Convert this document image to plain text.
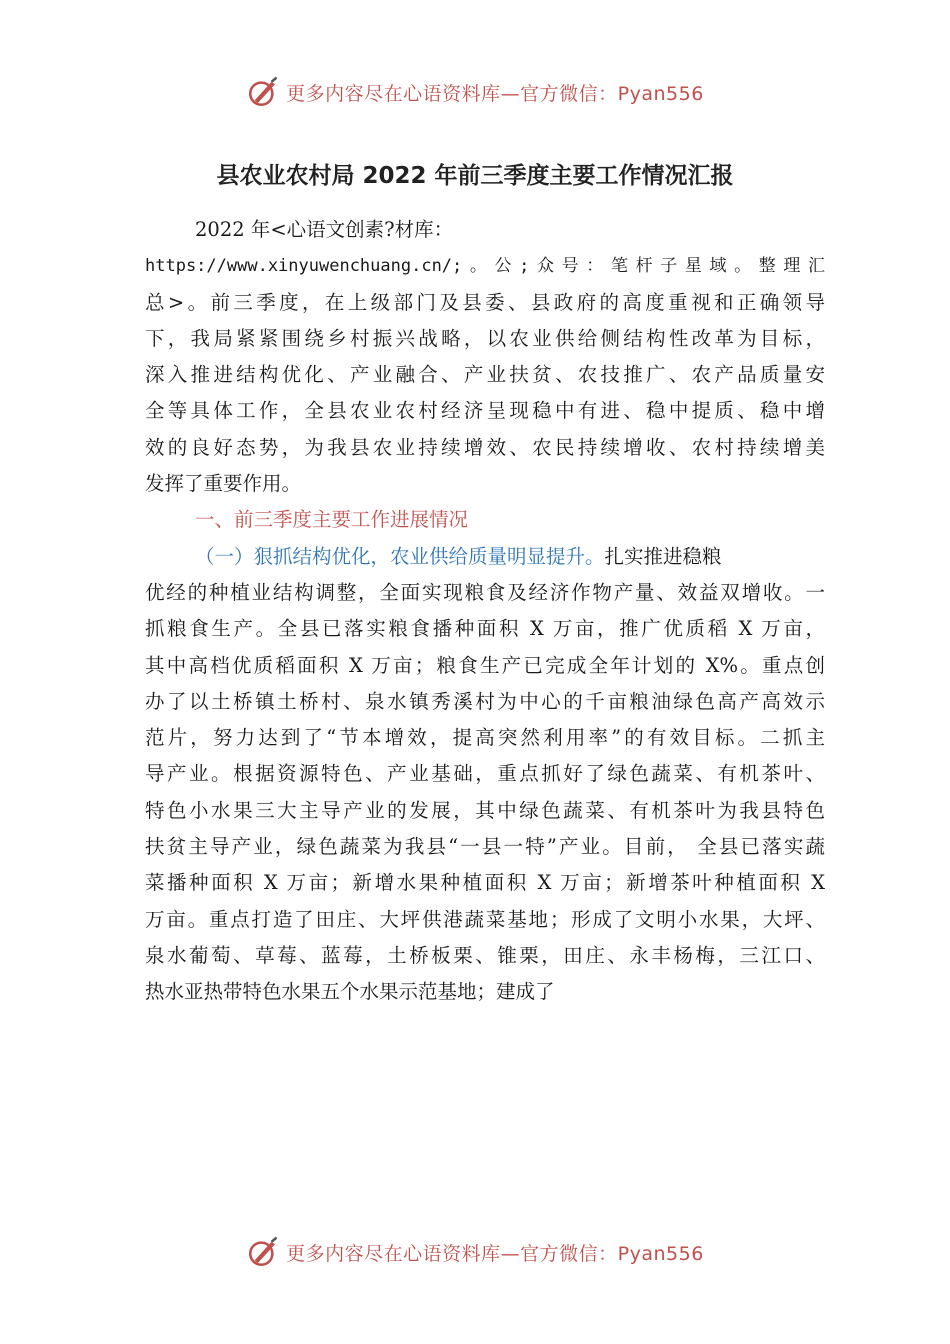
更多内容尽在心语资料库—官方微信：Pyan556
县农业农村局 2022 年前三季度主要工作情况汇报
2022 年<心语文创素?材库：
https://www.xinyuwenchuang.cn/;。公;众号：笔杆子星域。整理汇
总>。前三季度，在上级部门及县委、县政府的高度重视和正确领导
下，我局紧紧围绕乡村振兴战略，以农业供给侧结构性改革为目标，
深入推进结构优化、产业融合、产业扶贫、农技推广、农产品质量安
全等具体工作，全县农业农村经济呈现稳中有进、稳中提质、稳中增
效的良好态势，为我县农业持续增效、农民持续增收、农村持续增美
发挥了重要作用。
一、前三季度主要工作进展情况
（一）狠抓结构优化，农业供给质量明显提升。扎实推进稳粮
优经的种植业结构调整，全面实现粮食及经济作物产量、效益双增收。一
抓粮食生产。全县已落实粮食播种面积 X 万亩，推广优质稻 X 万亩，
其中高档优质稻面积 X 万亩；粮食生产已完成全年计划的 X%。重点创
办了以土桥镇土桥村、泉水镇秀溪村为中心的千亩粮油绿色高产高效示
范片，努力达到了“节本增效，提高突然利用率”的有效目标。二抓主
导产业。根据资源特色、产业基础，重点抓好了绿色蔬菜、有机茶叶、
特色小水果三大主导产业的发展，其中绿色蔬菜、有机茶叶为我县特色
扶贫主导产业，绿色蔬菜为我县“一县一特”产业。目前， 全县已落实蔬
菜播种面积 X 万亩；新增水果种植面积 X 万亩；新增茶叶种植面积 X
万亩。重点打造了田庄、大坪供港蔬菜基地；形成了文明小水果，大坪、
泉水葡萄、草莓、蓝莓，土桥板栗、锥栗，田庄、永丰杨梅，三江口、
热水亚热带特色水果五个水果示范基地；建成了
更多内容尽在心语资料库—官方微信：Pyan556
